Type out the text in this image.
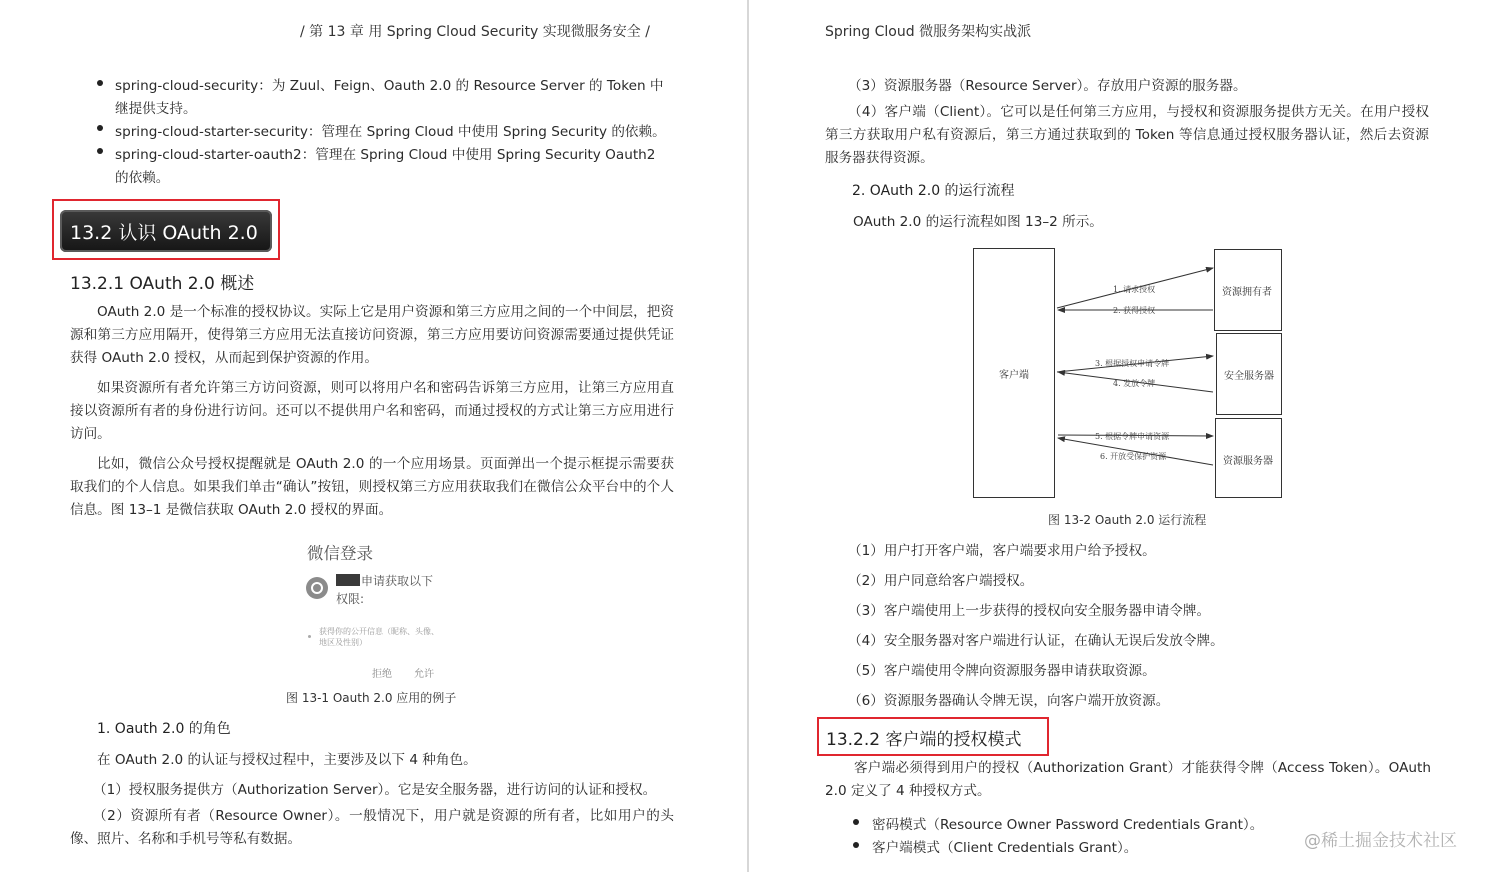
/ 第 13 章 用 Spring Cloud Security 实现微服务安全 /
spring-cloud-security：为 Zuul、Feign、Oauth 2.0 的 Resource Server 的 Token 中
继提供支持。
spring-cloud-starter-security：管理在 Spring Cloud 中使用 Spring Security 的依赖。
spring-cloud-starter-oauth2：管理在 Spring Cloud 中使用 Spring Security Oauth2
的依赖。
13.2 认识 OAuth 2.0
13.2.1 OAuth 2.0 概述
OAuth 2.0 是一个标准的授权协议。实际上它是用户资源和第三方应用之间的一个中间层，把资源和第三方应用隔开，使得第三方应用无法直接访问资源，第三方应用要访问资源需要通过提供凭证获得 OAuth 2.0 授权，从而起到保护资源的作用。
如果资源所有者允许第三方访问资源，则可以将用户名和密码告诉第三方应用，让第三方应用直接以资源所有者的身份进行访问。还可以不提供用户名和密码，而通过授权的方式让第三方应用进行访问。
比如，微信公众号授权提醒就是 OAuth 2.0 的一个应用场景。页面弹出一个提示框提示需要获取我们的个人信息。如果我们单击“确认”按钮，则授权第三方应用获取我们在微信公众平台中的个人信息。图 13–1 是微信获取 OAuth 2.0 授权的界面。
微信登录
申请获取以下
权限:
获得你的公开信息（昵称、头像、地区及性别）
拒绝 允许
图 13-1 Oauth 2.0 应用的例子
1. Oauth 2.0 的角色
在 OAuth 2.0 的认证与授权过程中，主要涉及以下 4 种角色。
（1）授权服务提供方（Authorization Server）。它是安全服务器，进行访问的认证和授权。
（2）资源所有者（Resource Owner）。一般情况下，用户就是资源的所有者，比如用户的头像、照片、名称和手机号等私有数据。
Spring Cloud 微服务架构实战派
（3）资源服务器（Resource Server）。存放用户资源的服务器。
（4）客户端（Client）。它可以是任何第三方应用，与授权和资源服务提供方无关。在用户授权第三方获取用户私有资源后，第三方通过获取到的 Token 等信息通过授权服务器认证，然后去资源服务器获得资源。
2. OAuth 2.0 的运行流程
OAuth 2.0 的运行流程如图 13–2 所示。
客户端
资源拥有者
安全服务器
资源服务器
1. 请求授权
2. 获得授权
3. 根据授权申请令牌
4. 发放令牌
5. 根据令牌申请资源
6. 开放受保护资源
图 13-2 Oauth 2.0 运行流程
（1）用户打开客户端，客户端要求用户给予授权。
（2）用户同意给客户端授权。
（3）客户端使用上一步获得的授权向安全服务器申请令牌。
（4）安全服务器对客户端进行认证，在确认无误后发放令牌。
（5）客户端使用令牌向资源服务器申请获取资源。
（6）资源服务器确认令牌无误，向客户端开放资源。
13.2.2 客户端的授权模式
客户端必须得到用户的授权（Authorization Grant）才能获得令牌（Access Token）。OAuth 2.0 定义了 4 种授权方式。
密码模式（Resource Owner Password Credentials Grant）。
客户端模式（Client Credentials Grant）。	@稀土掘金技术社区
